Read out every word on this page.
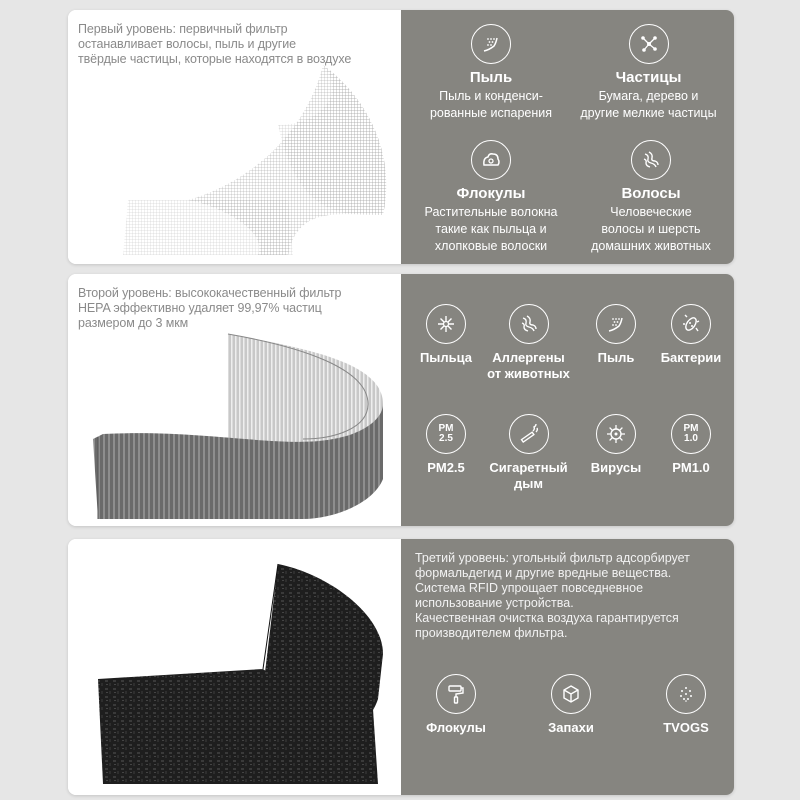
Первый уровень: первичный фильтр
останавливает волосы, пыль и другие
твёрдые частицы, которые находятся в воздухе
Пыль
Пыль и конденси-
рованные испарения
Частицы
Бумага, дерево и
другие мелкие частицы
Флокулы
Растительные волокна
такие как пыльца и
хлопковые волоски
Волосы
Человеческие
волосы и шерсть
домашних животных
Второй уровень: высококачественный фильтр
HEPA эффективно удаляет 99,97% частиц
размером до 3 мкм
Пыльца	Аллергены
от животных
Пыль	Бактерии
PM
2.5
PM2.5	Сигаретный
дым
Вирусы
PM
1.0
PM1.0
Третий уровень: угольный фильтр адсорбирует
формальдегид и другие вредные вещества.
Система RFID упрощает повседневное
использование устройства.
Качественная очистка воздуха гарантируется
производителем фильтра.
Флокулы	Запахи	TVOGS
